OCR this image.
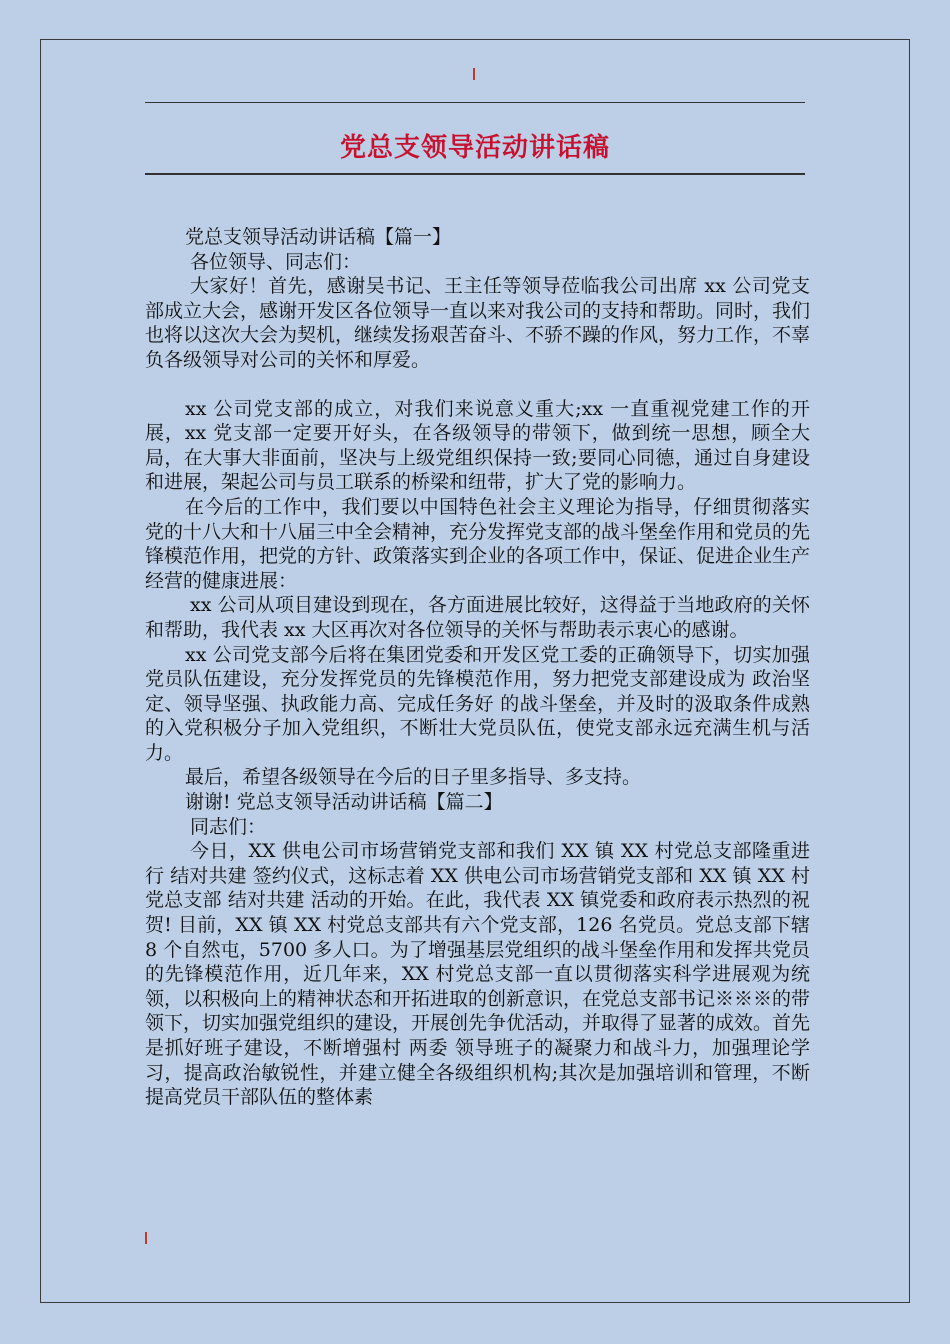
党总支领导活动讲话稿

党总支领导活动讲话稿【篇一】

各位领导、同志们：

大家好！首先，感谢吴书记、王主任等领导莅临我公司出席 xx 公司党支部成立大会，感谢开发区各位领导一直以来对我公司的支持和帮助。同时，我们也将以这次大会为契机，继续发扬艰苦奋斗、不骄不躁的作风，努力工作，不辜负各级领导对公司的关怀和厚爱。

xx 公司党支部的成立，对我们来说意义重大;xx 一直重视党建工作的开展，xx 党支部一定要开好头，在各级领导的带领下，做到统一思想，顾全大局，在大事大非面前，坚决与上级党组织保持一致;要同心同德，通过自身建设和进展，架起公司与员工联系的桥梁和纽带，扩大了党的影响力。

在今后的工作中，我们要以中国特色社会主义理论为指导，仔细贯彻落实党的十八大和十八届三中全会精神，充分发挥党支部的战斗堡垒作用和党员的先锋模范作用，把党的方针、政策落实到企业的各项工作中，保证、促进企业生产经营的健康进展：

xx 公司从项目建设到现在，各方面进展比较好，这得益于当地政府的关怀和帮助，我代表 xx 大区再次对各位领导的关怀与帮助表示衷心的感谢。

xx 公司党支部今后将在集团党委和开发区党工委的正确领导下，切实加强党员队伍建设，充分发挥党员的先锋模范作用，努力把党支部建设成为 政治坚定、领导坚强、执政能力高、完成任务好 的战斗堡垒，并及时的汲取条件成熟的入党积极分子加入党组织，不断壮大党员队伍，使党支部永远充满生机与活力。

最后，希望各级领导在今后的日子里多指导、多支持。

谢谢! 党总支领导活动讲话稿【篇二】

同志们：

今日，XX 供电公司市场营销党支部和我们 XX 镇 XX 村党总支部隆重进行 结对共建 签约仪式，这标志着 XX 供电公司市场营销党支部和 XX 镇 XX 村党总支部 结对共建 活动的开始。在此，我代表 XX 镇党委和政府表示热烈的祝贺! 目前，XX 镇 XX 村党总支部共有六个党支部，126 名党员。党总支部下辖 8 个自然屯，5700 多人口。为了增强基层党组织的战斗堡垒作用和发挥共党员的先锋模范作用，近几年来，XX 村党总支部一直以贯彻落实科学进展观为统领，以积极向上的精神状态和开拓进取的创新意识，在党总支部书记※※※的带领下，切实加强党组织的建设，开展创先争优活动，并取得了显著的成效。首先是抓好班子建设，不断增强村 两委 领导班子的凝聚力和战斗力，加强理论学习，提高政治敏锐性，并建立健全各级组织机构;其次是加强培训和管理，不断提高党员干部队伍的整体素
